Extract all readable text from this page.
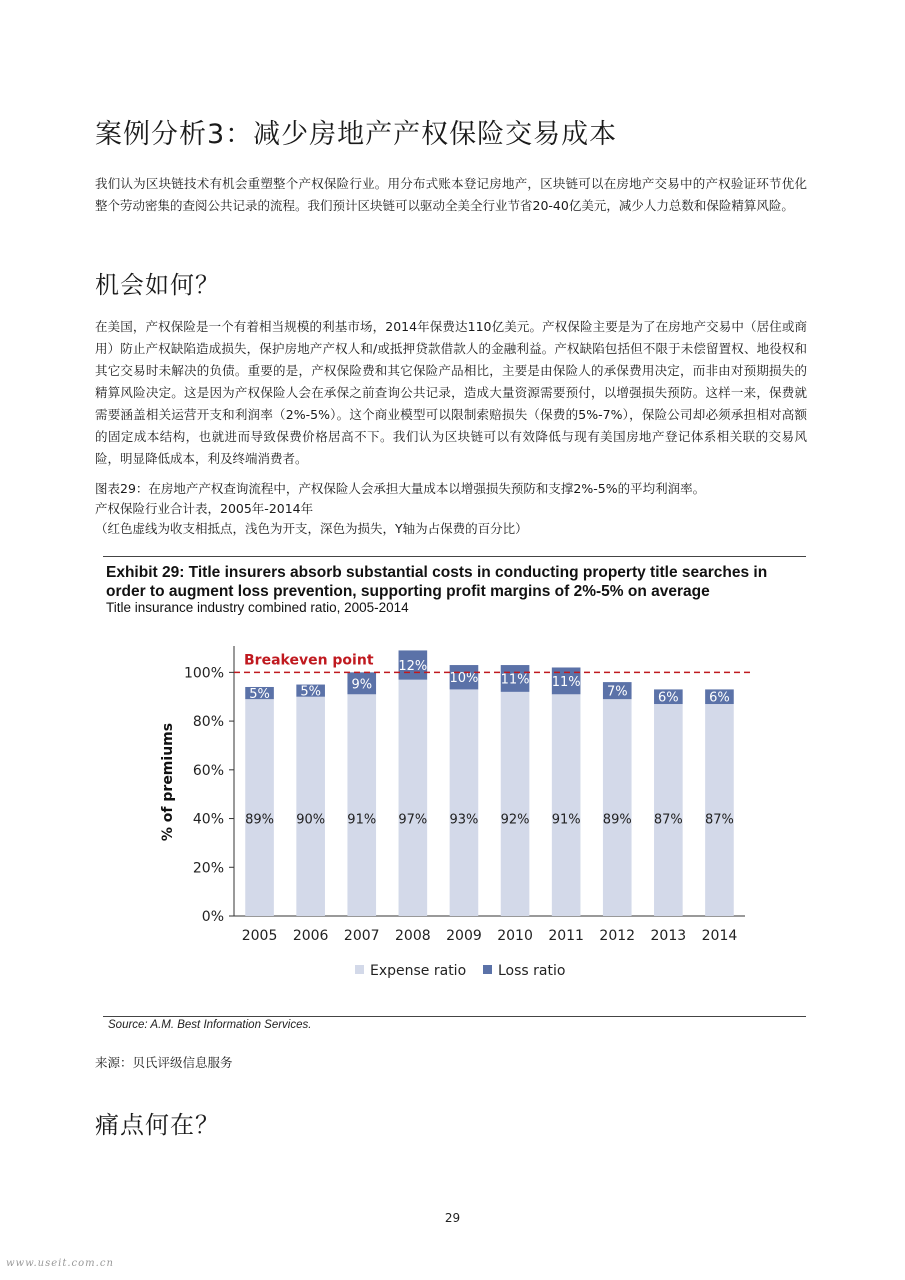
案例分析3：减少房地产产权保险交易成本

我们认为区块链技术有机会重塑整个产权保险行业。用分布式账本登记房地产，区块链可以在房地产交易中的产权验证环节优化整个劳动密集的查阅公共记录的流程。我们预计区块链可以驱动全美全行业节省20-40亿美元，减少人力总数和保险精算风险。

机会如何？

在美国，产权保险是一个有着相当规模的利基市场，2014年保费达110亿美元。产权保险主要是为了在房地产交易中（居住或商用）防止产权缺陷造成损失，保护房地产产权人和/或抵押贷款借款人的金融利益。产权缺陷包括但不限于未偿留置权、地役权和其它交易时未解决的负债。重要的是，产权保险费和其它保险产品相比，主要是由保险人的承保费用决定，而非由对预期损失的精算风险决定。这是因为产权保险人会在承保之前查询公共记录，造成大量资源需要预付，以增强损失预防。这样一来，保费就需要涵盖相关运营开支和利润率（2%-5%）。这个商业模型可以限制索赔损失（保费的5%-7%），保险公司却必须承担相对高额的固定成本结构，也就进而导致保费价格居高不下。我们认为区块链可以有效降低与现有美国房地产登记体系相关联的交易风险，明显降低成本，利及终端消费者。

图表29：在房地产产权查询流程中，产权保险人会承担大量成本以增强损失预防和支撑2%-5%的平均利润率。
产权保险行业合计表，2005年-2014年
（红色虚线为收支相抵点，浅色为开支，深色为损失，Y轴为占保费的百分比）
Exhibit 29: Title insurers absorb substantial costs in conducting property title searches in order to augment loss prevention, supporting profit margins of 2%-5% on average
Title insurance industry combined ratio, 2005-2014
0%
20%
40%
60%
80%
100%
% of premiums	89%
5%
2005
90%
5%
2006
91%
9%
2007
97%
12%
2008
93%
10%
2009
92%
11%
2010
91%
11%
2011
89%
7%
2012
87%
6%
2013
87%
6%
2014
Breakeven point
Expense ratio Loss ratio
Source: A.M. Best Information Services.
来源：贝氏评级信息服务
痛点何在？
29
www.useit.com.cn
